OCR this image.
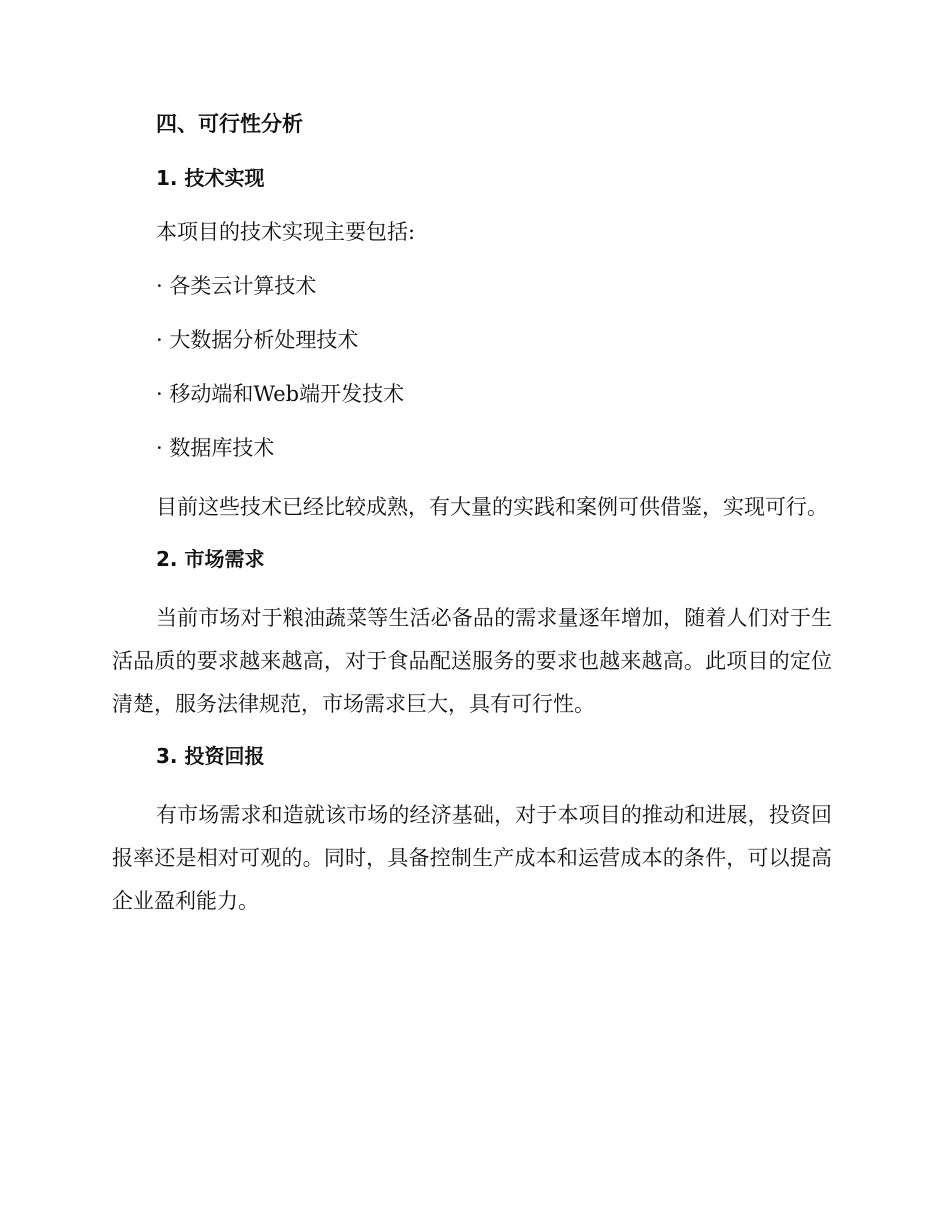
四、可行性分析
1. 技术实现
本项目的技术实现主要包括:
· 各类云计算技术
· 大数据分析处理技术
· 移动端和Web端开发技术
· 数据库技术
目前这些技术已经比较成熟，有大量的实践和案例可供借鉴，实现可行。
2. 市场需求
当前市场对于粮油蔬菜等生活必备品的需求量逐年增加，随着人们对于生活品质的要求越来越高，对于食品配送服务的要求也越来越高。此项目的定位清楚，服务法律规范，市场需求巨大，具有可行性。
3. 投资回报
有市场需求和造就该市场的经济基础，对于本项目的推动和进展，投资回报率还是相对可观的。同时，具备控制生产成本和运营成本的条件，可以提高企业盈利能力。
